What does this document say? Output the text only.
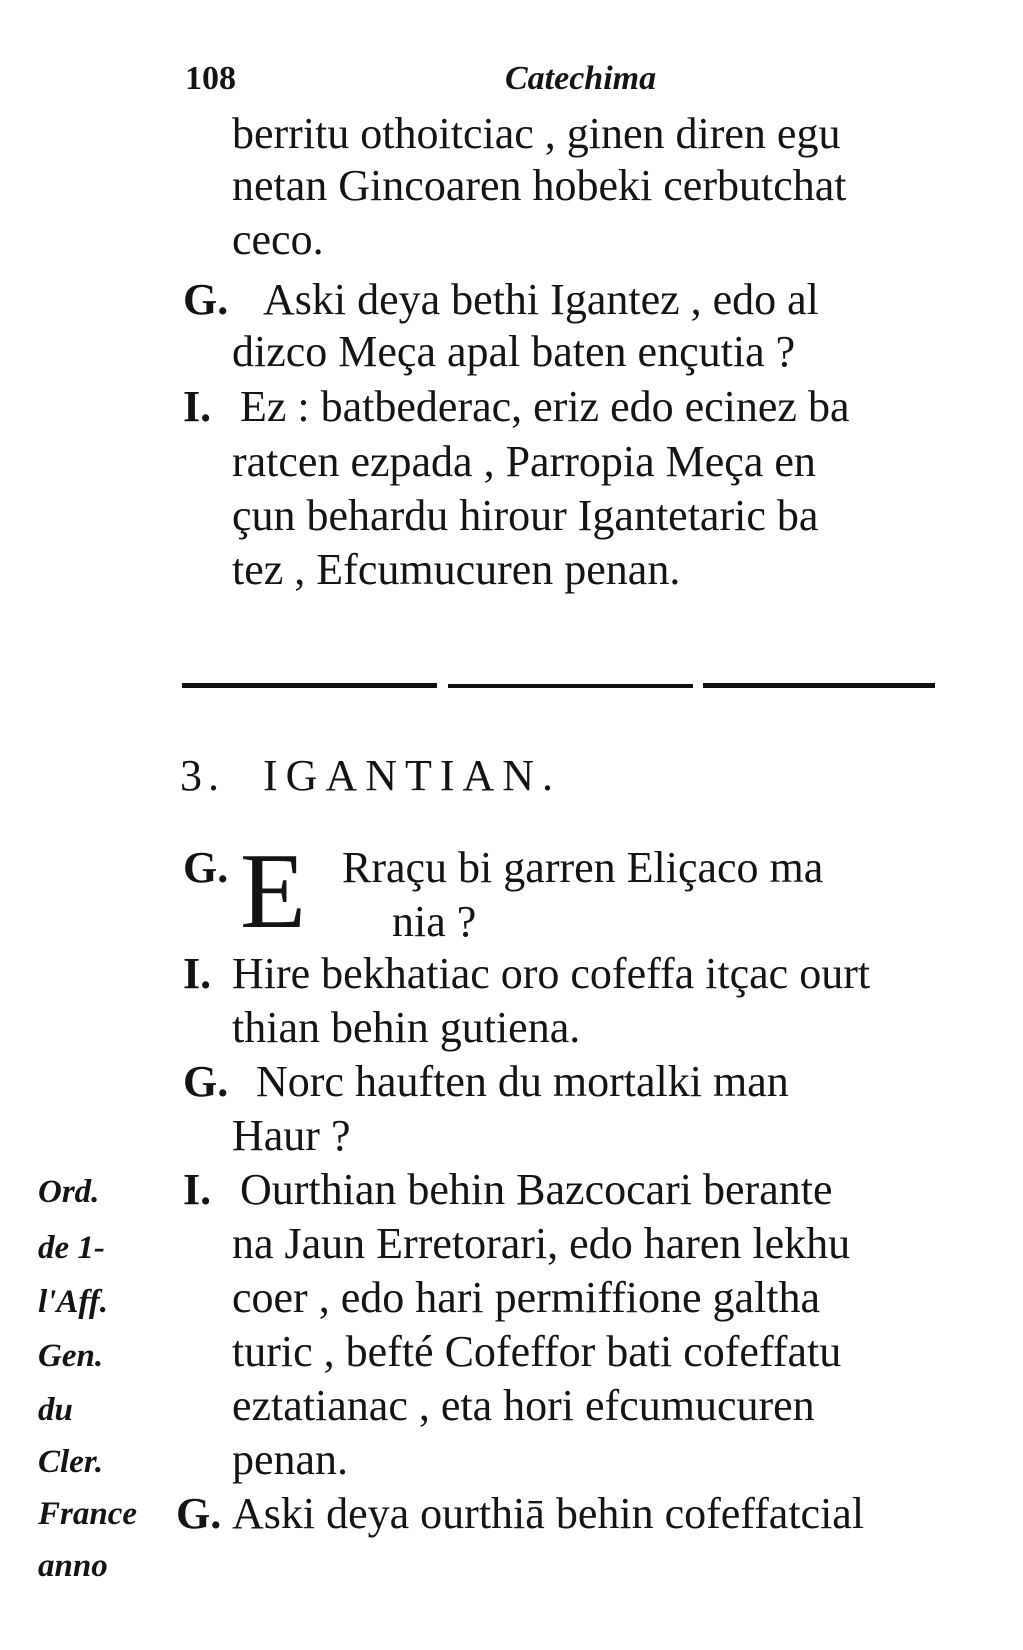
108	Catechima
berritu othoitciac , ginen diren egu
netan Gincoaren hobeki cerbutchat
ceco.
G. Aski deya bethi Igantez , edo al
dizco Meça apal baten ençutia ?
I. Ez : batbederac, eriz edo ecinez ba
ratcen ezpada , Parropia Meça en
çun behardu hirour Igantetaric ba
tez , Efcumucuren penan.
3. IGANTIAN.
G. E Rraçu bi garren Eliçaco ma
nia ?
I. Hire bekhatiac oro cofeffa itçac ourt
thian behin gutiena.
G. Norc hauften du mortalki man
Haur ?
I. Ourthian behin Bazcocari berante
na Jaun Erretorari, edo haren lekhu
coer , edo hari permiffione galtha
turic , befté Cofeffor bati cofeffatu
eztatianac , eta hori efcumucuren
penan.
G. Aski deya ourthiā behin cofeffatcial
Ord.
de 1-
l'Aff.
Gen.
du
Cler.
France
anno
